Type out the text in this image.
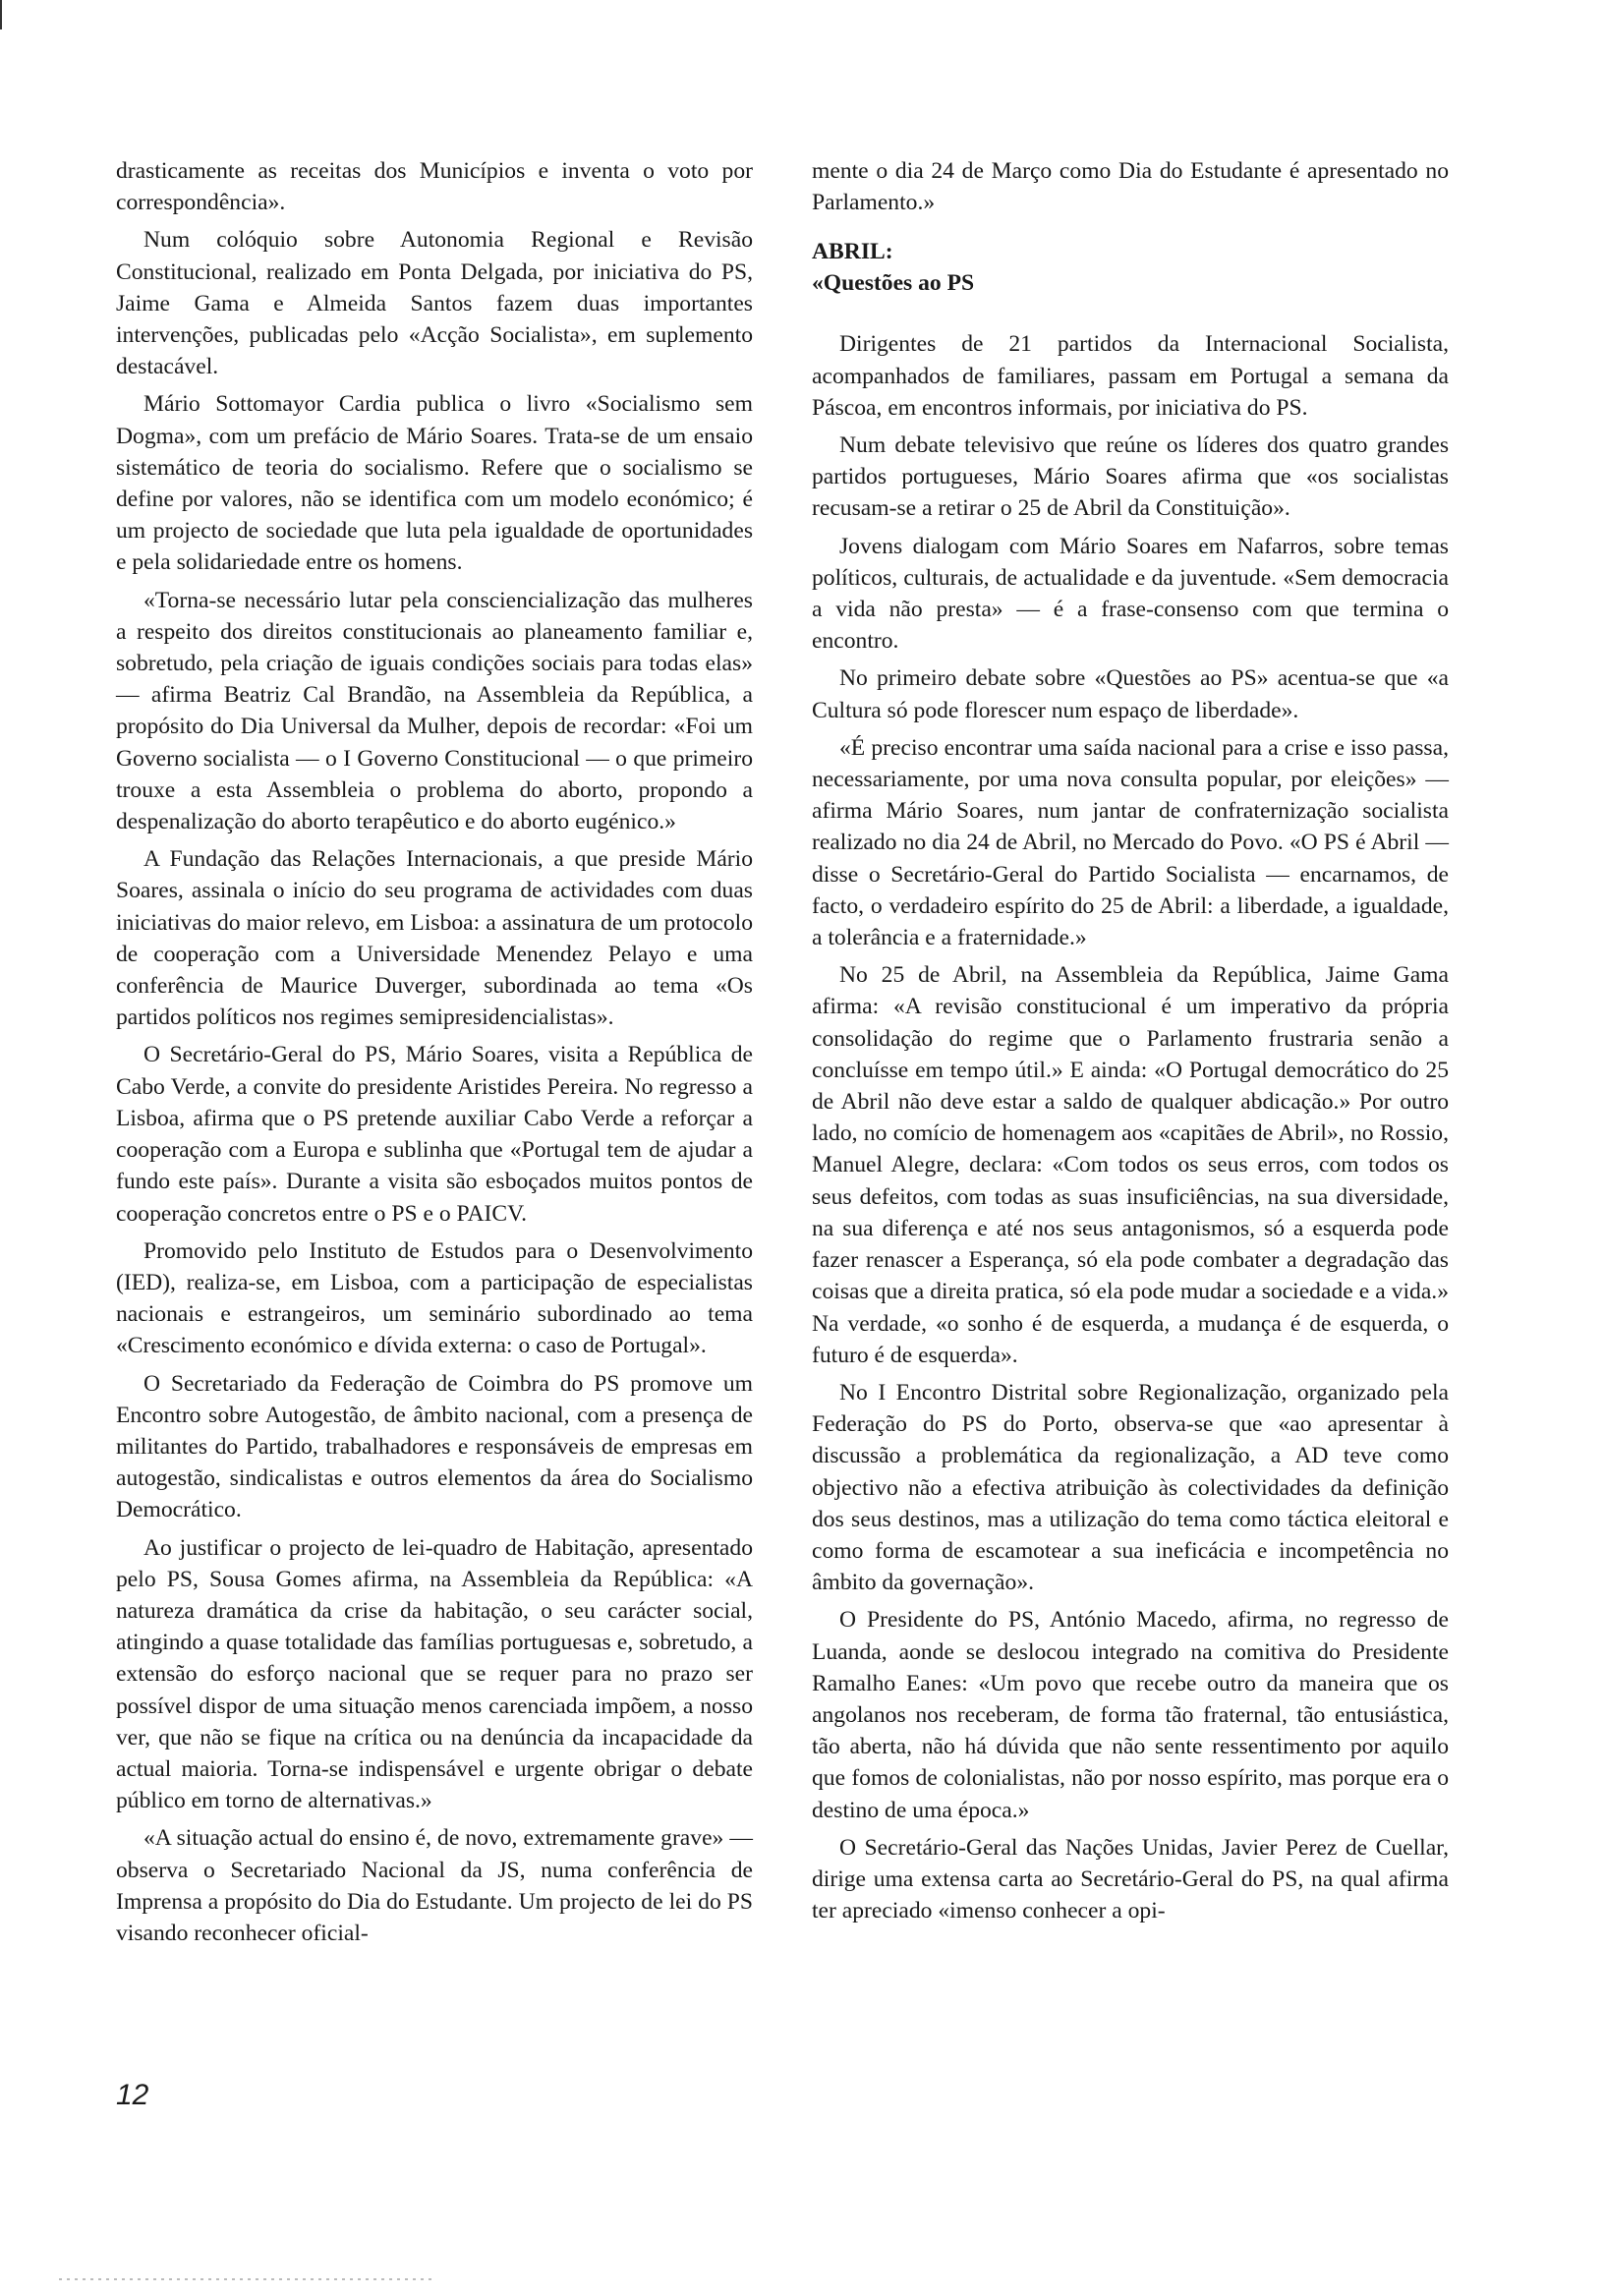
drasticamente as receitas dos Municípios e inventa o voto por correspondência».

Num colóquio sobre Autonomia Regional e Revisão Constitucional, realizado em Ponta Delgada, por iniciativa do PS, Jaime Gama e Almeida Santos fazem duas importantes intervenções, publicadas pelo «Acção Socialista», em suplemento destacável.

Mário Sottomayor Cardia publica o livro «Socialismo sem Dogma», com um prefácio de Mário Soares. Trata-se de um ensaio sistemático de teoria do socialismo. Refere que o socialismo se define por valores, não se identifica com um modelo económico; é um projecto de sociedade que luta pela igualdade de oportunidades e pela solidariedade entre os homens.

«Torna-se necessário lutar pela consciencialização das mulheres a respeito dos direitos constitucionais ao planeamento familiar e, sobretudo, pela criação de iguais condições sociais para todas elas» — afirma Beatriz Cal Brandão, na Assembleia da República, a propósito do Dia Universal da Mulher, depois de recordar: «Foi um Governo socialista — o I Governo Constitucional — o que primeiro trouxe a esta Assembleia o problema do aborto, propondo a despenalização do aborto terapêutico e do aborto eugénico.»

A Fundação das Relações Internacionais, a que preside Mário Soares, assinala o início do seu programa de actividades com duas iniciativas do maior relevo, em Lisboa: a assinatura de um protocolo de cooperação com a Universidade Menendez Pelayo e uma conferência de Maurice Duverger, subordinada ao tema «Os partidos políticos nos regimes semipresidencialistas».

O Secretário-Geral do PS, Mário Soares, visita a República de Cabo Verde, a convite do presidente Aristides Pereira. No regresso a Lisboa, afirma que o PS pretende auxiliar Cabo Verde a reforçar a cooperação com a Europa e sublinha que «Portugal tem de ajudar a fundo este país». Durante a visita são esboçados muitos pontos de cooperação concretos entre o PS e o PAICV.

Promovido pelo Instituto de Estudos para o Desenvolvimento (IED), realiza-se, em Lisboa, com a participação de especialistas nacionais e estrangeiros, um seminário subordinado ao tema «Crescimento económico e dívida externa: o caso de Portugal».

O Secretariado da Federação de Coimbra do PS promove um Encontro sobre Autogestão, de âmbito nacional, com a presença de militantes do Partido, trabalhadores e responsáveis de empresas em autogestão, sindicalistas e outros elementos da área do Socialismo Democrático.

Ao justificar o projecto de lei-quadro de Habitação, apresentado pelo PS, Sousa Gomes afirma, na Assembleia da República: «A natureza dramática da crise da habitação, o seu carácter social, atingindo a quase totalidade das famílias portuguesas e, sobretudo, a extensão do esforço nacional que se requer para no prazo ser possível dispor de uma situação menos carenciada impõem, a nosso ver, que não se fique na crítica ou na denúncia da incapacidade da actual maioria. Torna-se indispensável e urgente obrigar o debate público em torno de alternativas.»

«A situação actual do ensino é, de novo, extremamente grave» — observa o Secretariado Nacional da JS, numa conferência de Imprensa a propósito do Dia do Estudante. Um projecto de lei do PS visando reconhecer oficial-

mente o dia 24 de Março como Dia do Estudante é apresentado no Parlamento.»

ABRIL:
«Questões ao PS

Dirigentes de 21 partidos da Internacional Socialista, acompanhados de familiares, passam em Portugal a semana da Páscoa, em encontros informais, por iniciativa do PS.

Num debate televisivo que reúne os líderes dos quatro grandes partidos portugueses, Mário Soares afirma que «os socialistas recusam-se a retirar o 25 de Abril da Constituição».

Jovens dialogam com Mário Soares em Nafarros, sobre temas políticos, culturais, de actualidade e da juventude. «Sem democracia a vida não presta» — é a frase-consenso com que termina o encontro.

No primeiro debate sobre «Questões ao PS» acentua-se que «a Cultura só pode florescer num espaço de liberdade».

«É preciso encontrar uma saída nacional para a crise e isso passa, necessariamente, por uma nova consulta popular, por eleições» — afirma Mário Soares, num jantar de confraternização socialista realizado no dia 24 de Abril, no Mercado do Povo. «O PS é Abril — disse o Secretário-Geral do Partido Socialista — encarnamos, de facto, o verdadeiro espírito do 25 de Abril: a liberdade, a igualdade, a tolerância e a fraternidade.»

No 25 de Abril, na Assembleia da República, Jaime Gama afirma: «A revisão constitucional é um imperativo da própria consolidação do regime que o Parlamento frustraria senão a concluísse em tempo útil.» E ainda: «O Portugal democrático do 25 de Abril não deve estar a saldo de qualquer abdicação.» Por outro lado, no comício de homenagem aos «capitães de Abril», no Rossio, Manuel Alegre, declara: «Com todos os seus erros, com todos os seus defeitos, com todas as suas insuficiências, na sua diversidade, na sua diferença e até nos seus antagonismos, só a esquerda pode fazer renascer a Esperança, só ela pode combater a degradação das coisas que a direita pratica, só ela pode mudar a sociedade e a vida.» Na verdade, «o sonho é de esquerda, a mudança é de esquerda, o futuro é de esquerda».

No I Encontro Distrital sobre Regionalização, organizado pela Federação do PS do Porto, observa-se que «ao apresentar à discussão a problemática da regionalização, a AD teve como objectivo não a efectiva atribuição às colectividades da definição dos seus destinos, mas a utilização do tema como táctica eleitoral e como forma de escamotear a sua ineficácia e incompetência no âmbito da governação».

O Presidente do PS, António Macedo, afirma, no regresso de Luanda, aonde se deslocou integrado na comitiva do Presidente Ramalho Eanes: «Um povo que recebe outro da maneira que os angolanos nos receberam, de forma tão fraternal, tão entusiástica, tão aberta, não há dúvida que não sente ressentimento por aquilo que fomos de colonialistas, não por nosso espírito, mas porque era o destino de uma época.»

O Secretário-Geral das Nações Unidas, Javier Perez de Cuellar, dirige uma extensa carta ao Secretário-Geral do PS, na qual afirma ter apreciado «imenso conhecer a opi-

12
